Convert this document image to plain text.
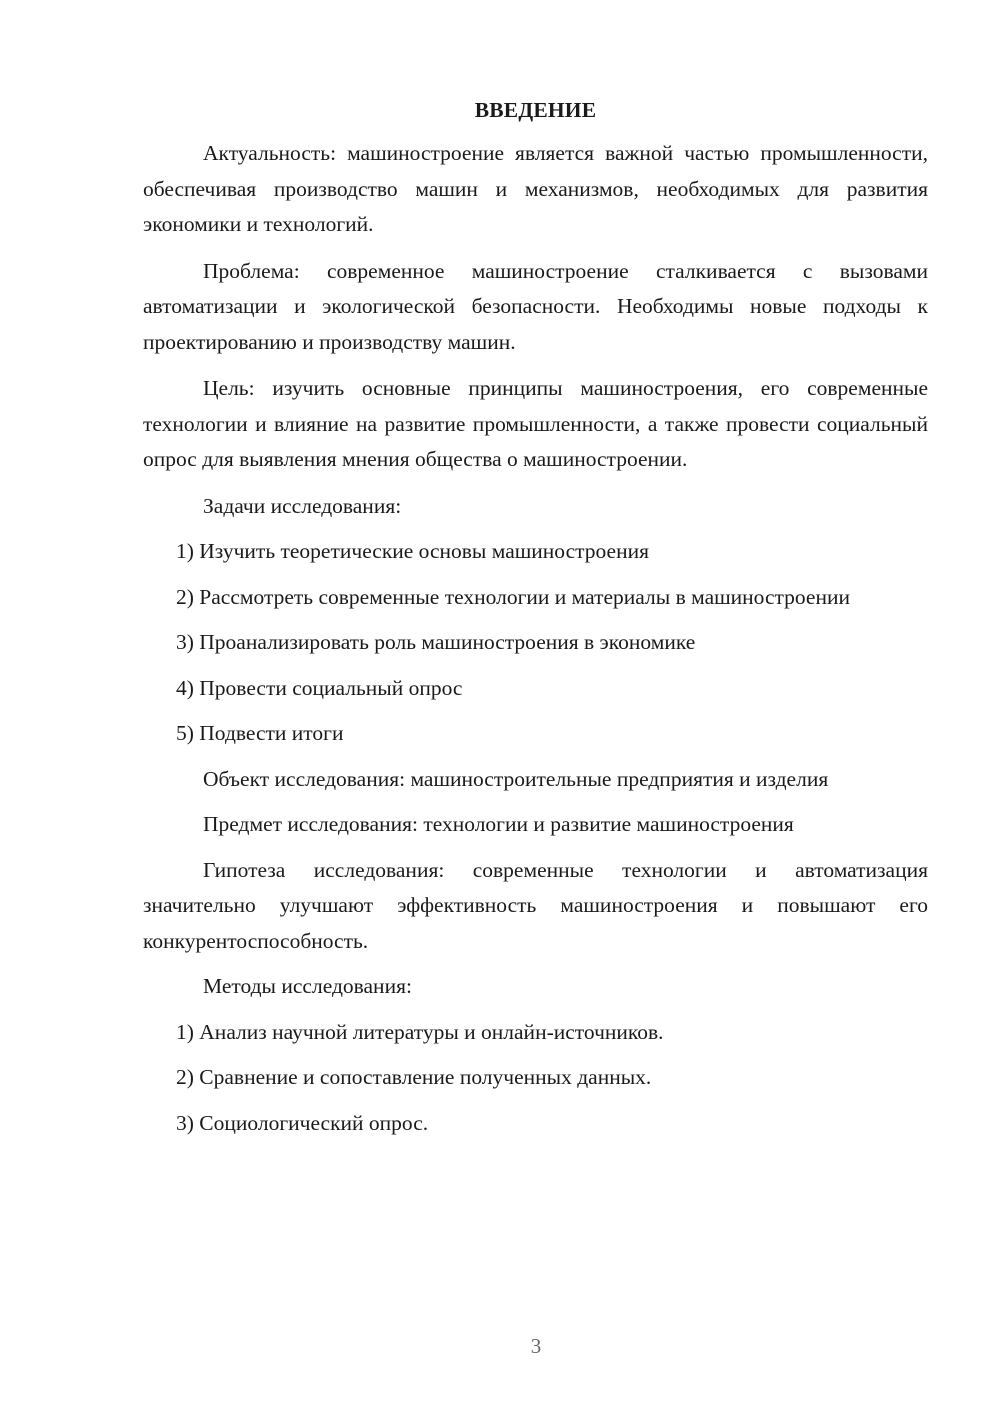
ВВЕДЕНИЕ

Актуальность: машиностроение является важной частью промышленности, обеспечивая производство машин и механизмов, необходимых для развития экономики и технологий.

Проблема: современное машиностроение сталкивается с вызовами автоматизации и экологической безопасности. Необходимы новые подходы к проектированию и производству машин.

Цель: изучить основные принципы машиностроения, его современные технологии и влияние на развитие промышленности, а также провести социальный опрос для выявления мнения общества о машиностроении.

Задачи исследования:

1) Изучить теоретические основы машиностроения

2) Рассмотреть современные технологии и материалы в машиностроении

3) Проанализировать роль машиностроения в экономике

4) Провести социальный опрос

5) Подвести итоги

Объект исследования: машиностроительные предприятия и изделия

Предмет исследования: технологии и развитие машиностроения

Гипотеза исследования: современные технологии и автоматизация значительно улучшают эффективность машиностроения и повышают его конкурентоспособность.

Методы исследования:

1) Анализ научной литературы и онлайн-источников.

2) Сравнение и сопоставление полученных данных.

3) Социологический опрос.

3
